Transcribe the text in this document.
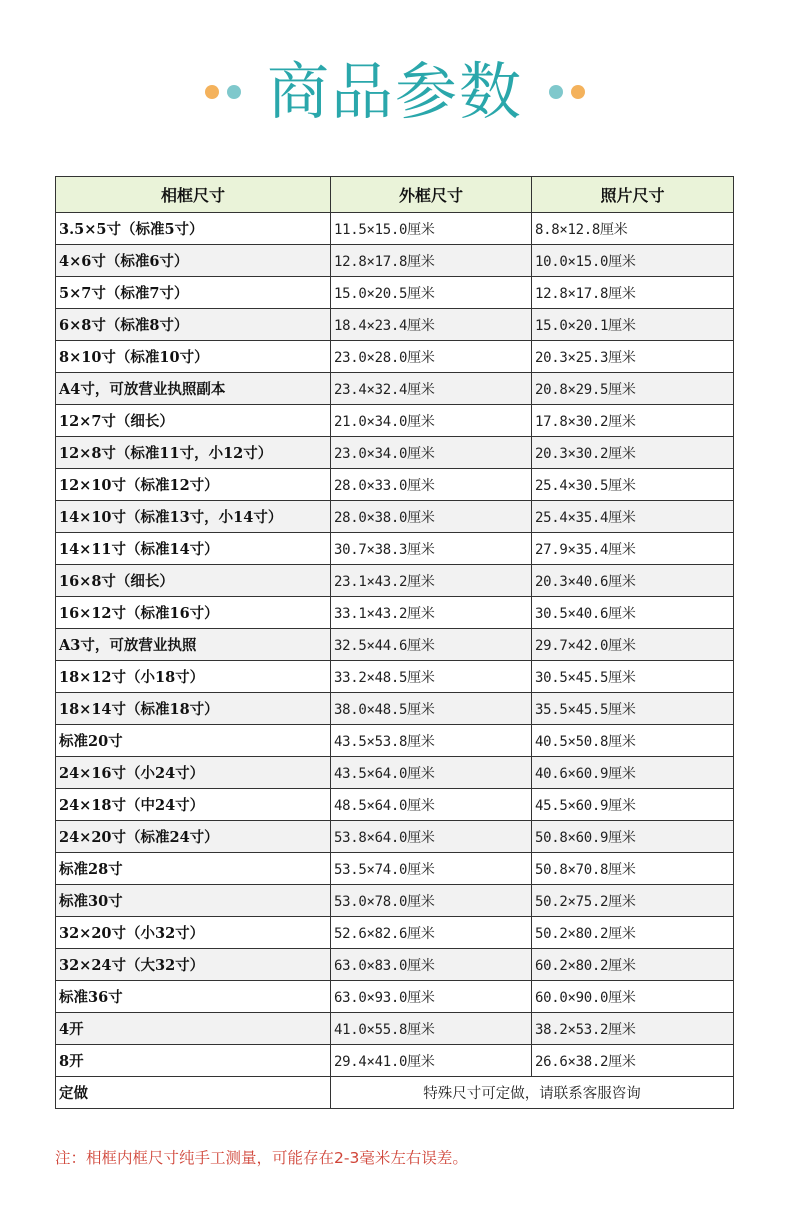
商品参数
相框尺寸	外框尺寸	照片尺寸
3.5×5寸（标准5寸）	11.5×15.0厘米	8.8×12.8厘米
4×6寸（标准6寸）	12.8×17.8厘米	10.0×15.0厘米
5×7寸（标准7寸）	15.0×20.5厘米	12.8×17.8厘米
6×8寸（标准8寸）	18.4×23.4厘米	15.0×20.1厘米
8×10寸（标准10寸）	23.0×28.0厘米	20.3×25.3厘米
A4寸，可放营业执照副本	23.4×32.4厘米	20.8×29.5厘米
12×7寸（细长）	21.0×34.0厘米	17.8×30.2厘米
12×8寸（标准11寸，小12寸）	23.0×34.0厘米	20.3×30.2厘米
12×10寸（标准12寸）	28.0×33.0厘米	25.4×30.5厘米
14×10寸（标准13寸，小14寸）	28.0×38.0厘米	25.4×35.4厘米
14×11寸（标准14寸）	30.7×38.3厘米	27.9×35.4厘米
16×8寸（细长）	23.1×43.2厘米	20.3×40.6厘米
16×12寸（标准16寸）	33.1×43.2厘米	30.5×40.6厘米
A3寸，可放营业执照	32.5×44.6厘米	29.7×42.0厘米
18×12寸（小18寸）	33.2×48.5厘米	30.5×45.5厘米
18×14寸（标准18寸）	38.0×48.5厘米	35.5×45.5厘米
标准20寸	43.5×53.8厘米	40.5×50.8厘米
24×16寸（小24寸）	43.5×64.0厘米	40.6×60.9厘米
24×18寸（中24寸）	48.5×64.0厘米	45.5×60.9厘米
24×20寸（标准24寸）	53.8×64.0厘米	50.8×60.9厘米
标准28寸	53.5×74.0厘米	50.8×70.8厘米
标准30寸	53.0×78.0厘米	50.2×75.2厘米
32×20寸（小32寸）	52.6×82.6厘米	50.2×80.2厘米
32×24寸（大32寸）	63.0×83.0厘米	60.2×80.2厘米
标准36寸	63.0×93.0厘米	60.0×90.0厘米
4开	41.0×55.8厘米	38.2×53.2厘米
8开	29.4×41.0厘米	26.6×38.2厘米
定做	特殊尺寸可定做，请联系客服咨询	
注：相框内框尺寸纯手工测量，可能存在2-3毫米左右误差。
